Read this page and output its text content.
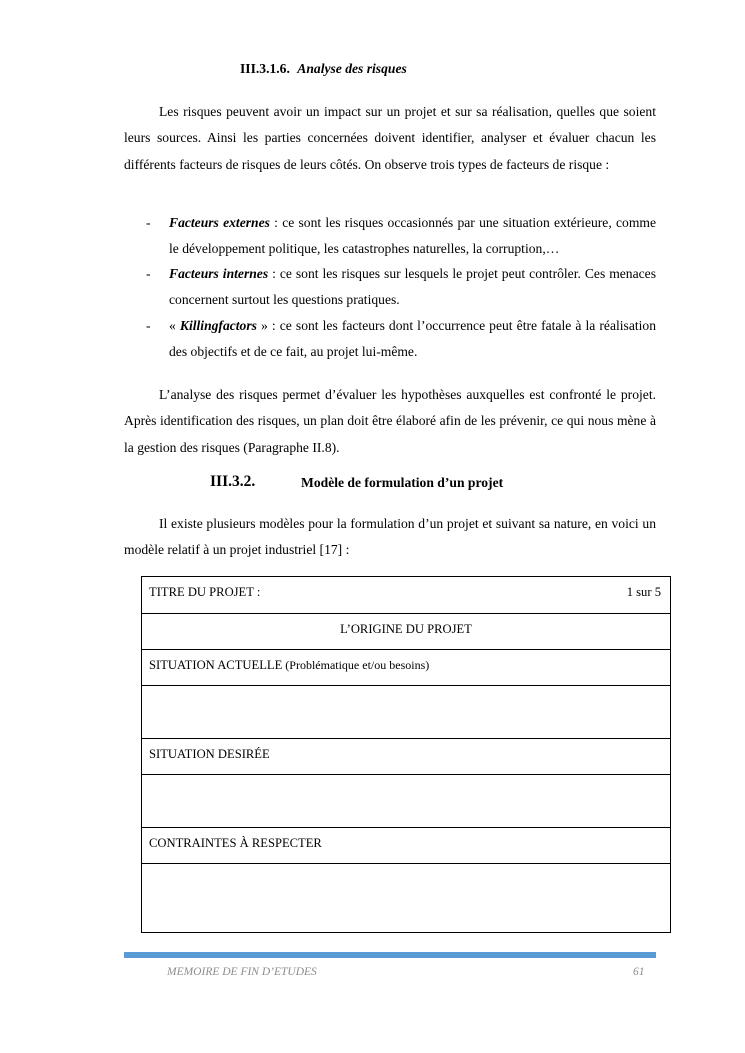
III.3.1.6. Analyse des risques

Les risques peuvent avoir un impact sur un projet et sur sa réalisation, quelles que soient leurs sources. Ainsi les parties concernées doivent identifier, analyser et évaluer chacun les différents facteurs de risques de leurs côtés. On observe trois types de facteurs de risque :

- Facteurs externes : ce sont les risques occasionnés par une situation extérieure, comme le développement politique, les catastrophes naturelles, la corruption,…
- Facteurs internes : ce sont les risques sur lesquels le projet peut contrôler. Ces menaces concernent surtout les questions pratiques.
- « Killingfactors » : ce sont les facteurs dont l’occurrence peut être fatale à la réalisation des objectifs et de ce fait, au projet lui-même.

L’analyse des risques permet d’évaluer les hypothèses auxquelles est confronté le projet. Après identification des risques, un plan doit être élaboré afin de les prévenir, ce qui nous mène à la gestion des risques (Paragraphe II.8).

III.3.2.	Modèle de formulation d’un projet

Il existe plusieurs modèles pour la formulation d’un projet et suivant sa nature, en voici un modèle relatif à un projet industriel [17] :

TITRE DU PROJET :	1 sur 5
L’ORIGINE DU PROJET
SITUATION ACTUELLE (Problématique et/ou besoins)
SITUATION DESIRÉE
CONTRAINTES À RESPECTER
MEMOIRE DE FIN D’ETUDES	61
